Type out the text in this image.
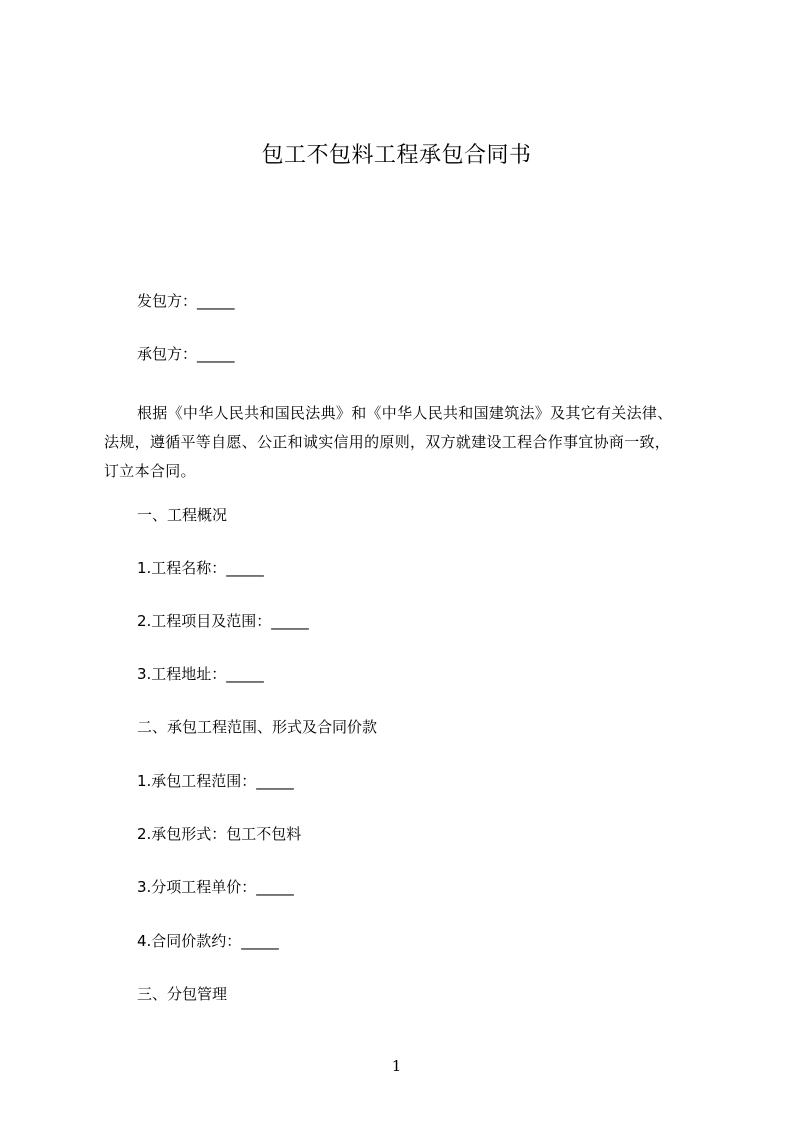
包工不包料工程承包合同书
发包方：_____
承包方：_____
根据《中华人民共和国民法典》和《中华人民共和国建筑法》及其它有关法律、
法规，遵循平等自愿、公正和诚实信用的原则，双方就建设工程合作事宜协商一致，
订立本合同。
一、工程概况
1.工程名称：_____
2.工程项目及范围：_____
3.工程地址：_____
二、承包工程范围、形式及合同价款
1.承包工程范围：_____
2.承包形式：包工不包料
3.分项工程单价：_____
4.合同价款约：_____
三、分包管理
1
